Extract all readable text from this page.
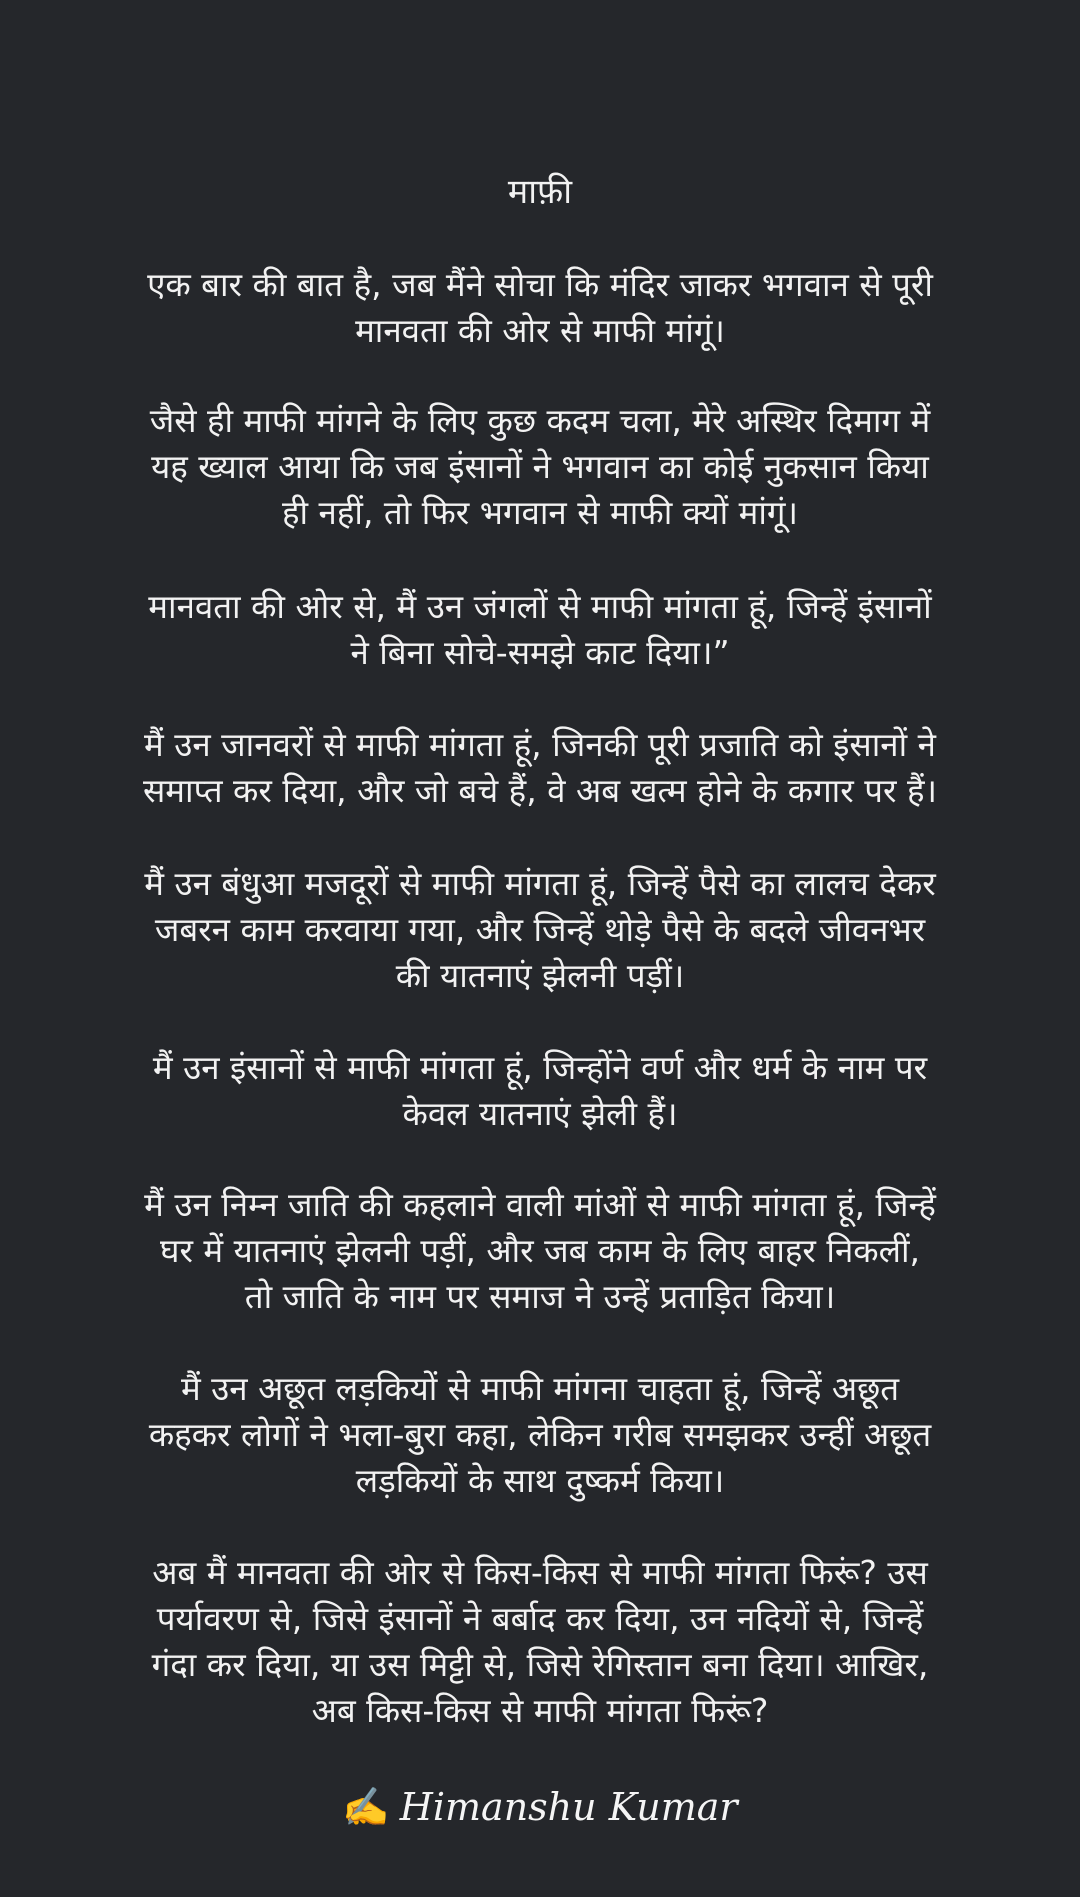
माफ़ी
एक बार की बात है, जब मैंने सोचा कि मंदिर जाकर भगवान से पूरी
मानवता की ओर से माफी मांगूं।
जैसे ही माफी मांगने के लिए कुछ कदम चला, मेरे अस्थिर दिमाग में
यह ख्याल आया कि जब इंसानों ने भगवान का कोई नुकसान किया
ही नहीं, तो फिर भगवान से माफी क्यों मांगूं।
मानवता की ओर से, मैं उन जंगलों से माफी मांगता हूं, जिन्हें इंसानों
ने बिना सोचे-समझे काट दिया।”
मैं उन जानवरों से माफी मांगता हूं, जिनकी पूरी प्रजाति को इंसानों ने
समाप्त कर दिया, और जो बचे हैं, वे अब खत्म होने के कगार पर हैं।
मैं उन बंधुआ मजदूरों से माफी मांगता हूं, जिन्हें पैसे का लालच देकर
जबरन काम करवाया गया, और जिन्हें थोड़े पैसे के बदले जीवनभर
की यातनाएं झेलनी पड़ीं।
मैं उन इंसानों से माफी मांगता हूं, जिन्होंने वर्ण और धर्म के नाम पर
केवल यातनाएं झेली हैं।
मैं उन निम्न जाति की कहलाने वाली मांओं से माफी मांगता हूं, जिन्हें
घर में यातनाएं झेलनी पड़ीं, और जब काम के लिए बाहर निकलीं,
तो जाति के नाम पर समाज ने उन्हें प्रताड़ित किया।
मैं उन अछूत लड़कियों से माफी मांगना चाहता हूं, जिन्हें अछूत
कहकर लोगों ने भला-बुरा कहा, लेकिन गरीब समझकर उन्हीं अछूत
लड़कियों के साथ दुष्कर्म किया।
अब मैं मानवता की ओर से किस-किस से माफी मांगता फिरूं? उस
पर्यावरण से, जिसे इंसानों ने बर्बाद कर दिया, उन नदियों से, जिन्हें
गंदा कर दिया, या उस मिट्टी से, जिसे रेगिस्तान बना दिया। आखिर,
अब किस-किस से माफी मांगता फिरूं?
✍️ Himanshu Kumar
